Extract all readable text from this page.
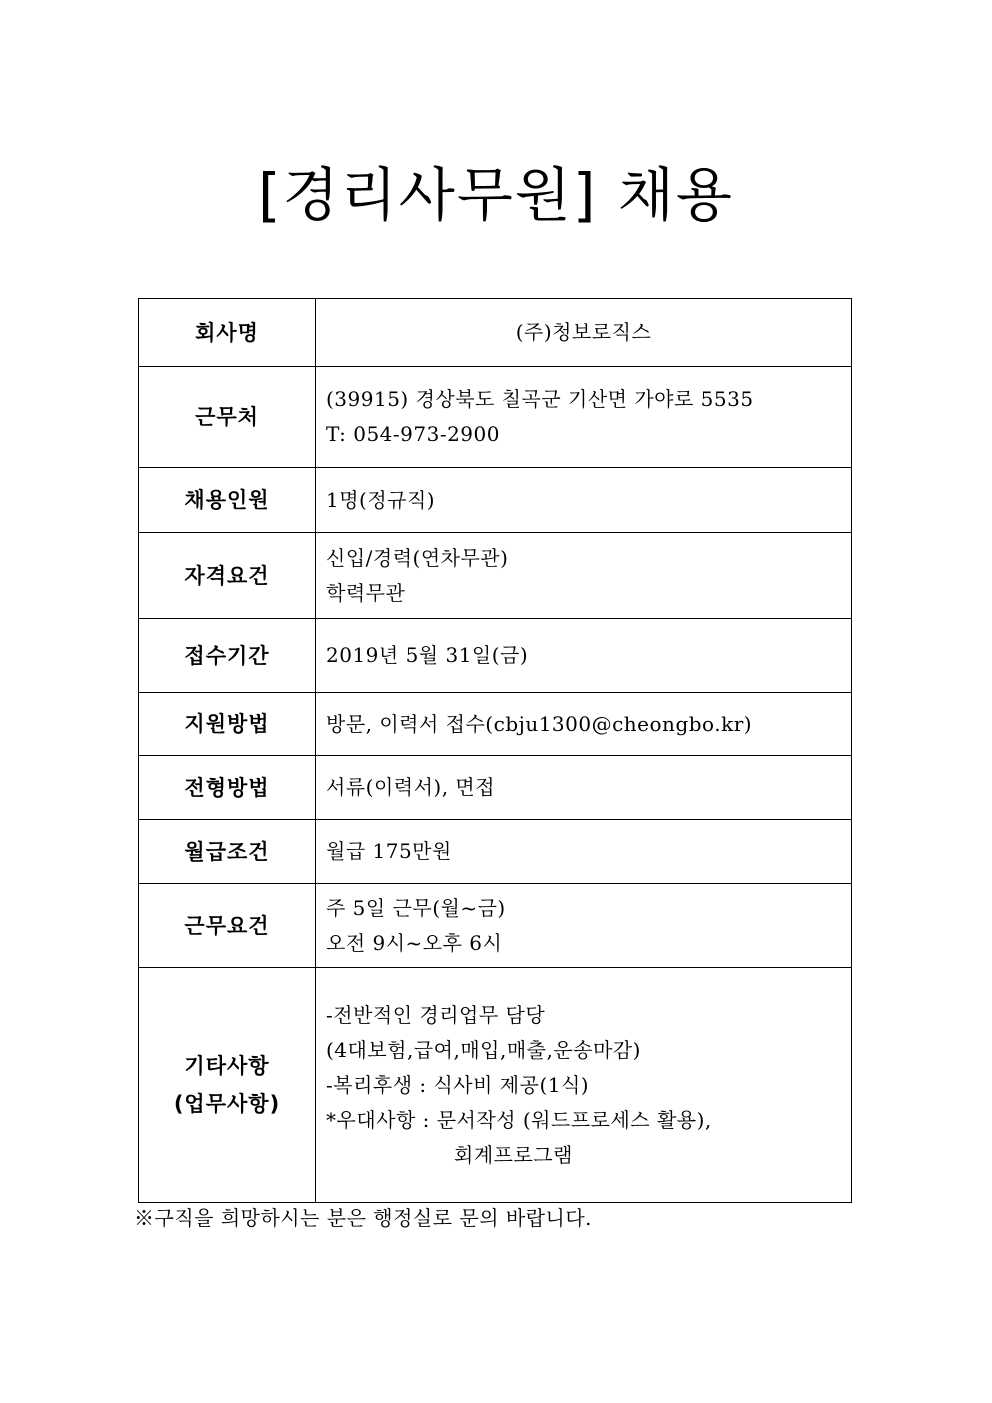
[경리사무원] 채용
회사명	(주)청보로직스

근무처	(39915) 경상북도 칠곡군 기산면 가야로 5535
T: 054-973-2900

채용인원	1명(정규직)

자격요건	신입/경력(연차무관)
학력무관

접수기간	2019년 5월 31일(금)

지원방법	방문, 이력서 접수(cbju1300@cheongbo.kr)

전형방법	서류(이력서), 면접

월급조건	월급 175만원

근무요건	주 5일 근무(월~금)
오전 9시~오후 6시

기타사항
(업무사항)	-전반적인 경리업무 담당
(4대보험,급여,매입,매출,운송마감)
-복리후생 : 식사비 제공(1식)
*우대사항 : 문서작성 (워드프로세스 활용),
회계프로그램
※구직을 희망하시는 분은 행정실로 문의 바랍니다.
